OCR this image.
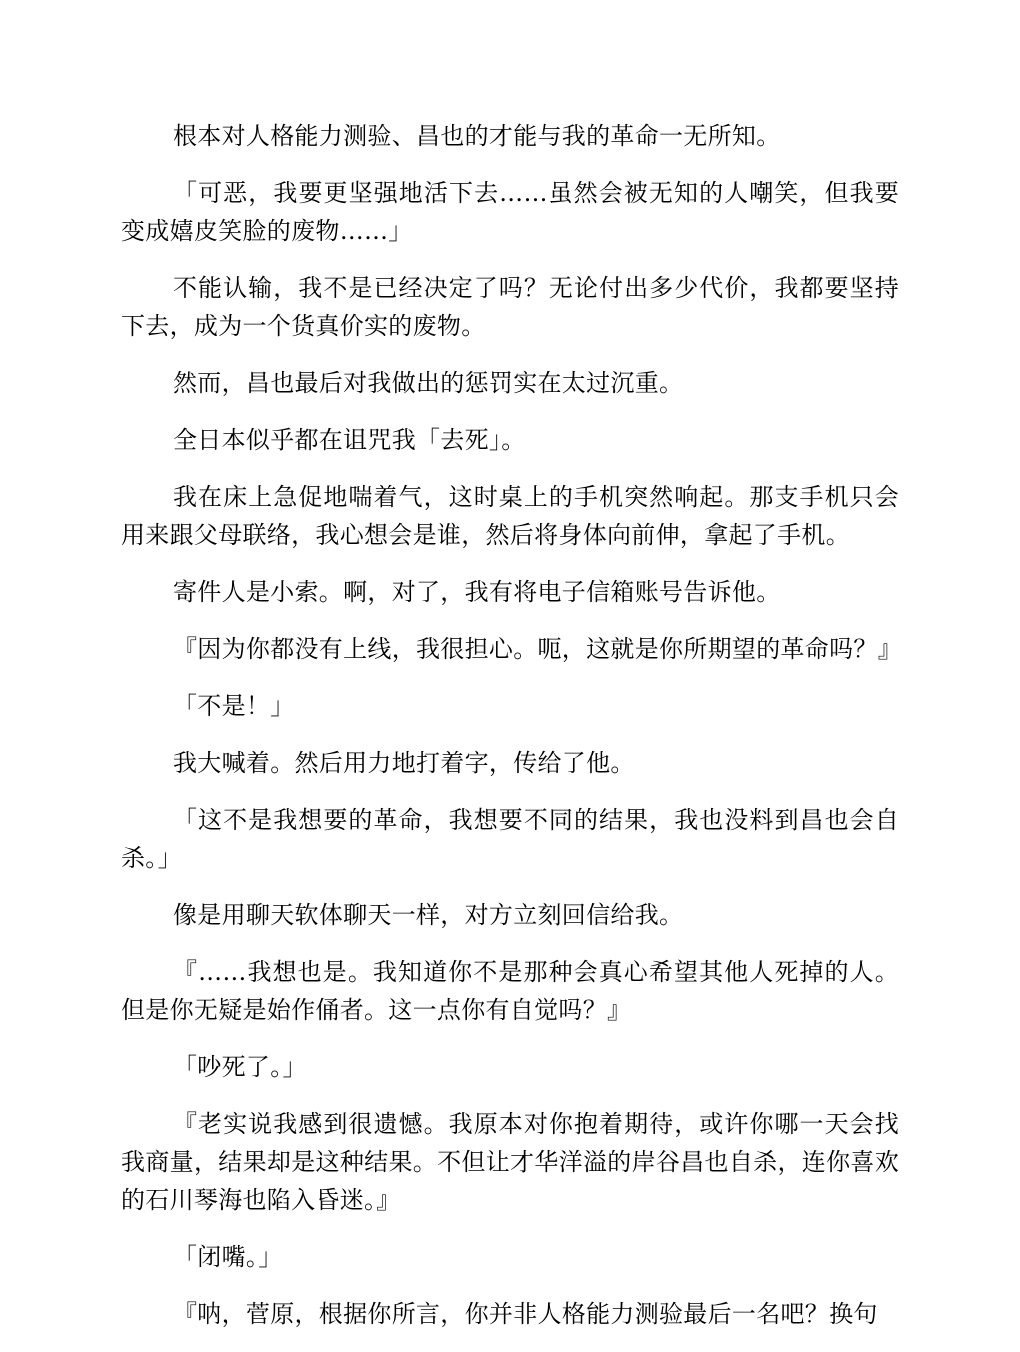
根本对人格能力测验、昌也的才能与我的革命一无所知。

「可恶，我要更坚强地活下去……虽然会被无知的人嘲笑，但我要变成嬉皮笑脸的废物……」

不能认输，我不是已经决定了吗？无论付出多少代价，我都要坚持下去，成为一个货真价实的废物。

然而，昌也最后对我做出的惩罚实在太过沉重。

全日本似乎都在诅咒我「去死」。

我在床上急促地喘着气，这时桌上的手机突然响起。那支手机只会用来跟父母联络，我心想会是谁，然后将身体向前伸，拿起了手机。

寄件人是小索。啊，对了，我有将电子信箱账号告诉他。

『因为你都没有上线，我很担心。呃，这就是你所期望的革命吗？』

「不是！」

我大喊着。然后用力地打着字，传给了他。

「这不是我想要的革命，我想要不同的结果，我也没料到昌也会自杀。」

像是用聊天软体聊天一样，对方立刻回信给我。

『……我想也是。我知道你不是那种会真心希望其他人死掉的人。但是你无疑是始作俑者。这一点你有自觉吗？』

「吵死了。」

『老实说我感到很遗憾。我原本对你抱着期待，或许你哪一天会找我商量，结果却是这种结果。不但让才华洋溢的岸谷昌也自杀，连你喜欢的石川琴海也陷入昏迷。』

「闭嘴。」

『呐，菅原，根据你所言，你并非人格能力测验最后一名吧？换句
